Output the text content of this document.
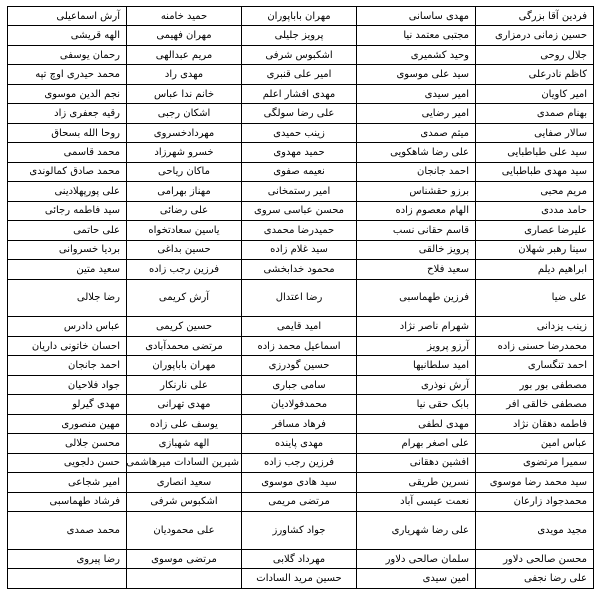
فردین آقا بزرگی	مهدی ساسانی	مهران باباپوران	حمید خامنه	آرش اسماعیلی
حسین زمانی درمزاری	مجتبی معتمد نیا	پرویز جلیلی	مهران فهیمی	الهه قریشی
جلال روحی	وحید کشمیری	اشکبوس شرفی	مریم عبدالهی	رحمان یوسفی
کاظم نادرعلی	سید علی موسوی	امیر علی قنبری	مهدی راد	محمد حیدری اوچ تپه
امیر کاویان	امیر سیدی	مهدی افشار اعلم	خانم ندا عباس	نجم الدین موسوی
بهنام صمدی	امیر رضایی	علی رضا سولگی	اشکان رجبی	رقیه جعفری زاد
سالار صفایی	میثم صمدی	زینب حمیدی	مهردادخسروی	روحا الله بسحاق
سید علی طباطبایی	علی رضا شاهکویی	حمید مهدوی	خسرو شهرزاد	محمد قاسمی
سید مهدی طباطبایی	احمد جانجان	نعیمه صفوی	ماکان ریاحی	محمد صادق کمالوندی
مریم محبی	برزو حقشناس	امیر رستمخانی	مهناز بهرامی	علی پورپهلادینی
حامد مددی	الهام معصوم زاده	محسن عباسی سروی	علی رضائی	سید فاطمه رجائی
علیرضا عصاری	قاسم حقانی نسب	حمیدرضا محمدی	یاسین سعادتخواه	علی حاتمی
سینا رهبر شهلان	پرویز خالقی	سید غلام زاده	حسین بداغی	بردیا خسروانی
ابراهیم دیلم	سعید فلاح	محمود خدابخشی	فرزین رجب زاده	سعید متین
علی ضیا	فرزین طهماسبی	رضا اعتدال	آرش کریمی	رضا جلالی
زینب یزدانی	شهرام ناصر نژاد	امید قایمی	حسین کریمی	عباس دادرس
محمدرضا حسنی زاده	آرزو پرویز	اسماعیل محمد زاده	مرتضی محمدآبادی	احسان خاتونی داریان
احمد تنگساری	امید سلطانیها	حسین گودرزی	مهران باباپوران	احمد جانجان
مصطفی بور بور	آرش نوذری	سامی جباری	علی نارنکار	جواد فلاحیان
مصطفی خالقی افر	بابک حقی نیا	محمدفولادیان	مهدی تهرانی	مهدی گیرلو
فاطمه دهقان نژاد	مهدی لطفی	فرهاد مسافر	یوسف علی زاده	مهین منصوری
عباس امین	علی اصغر بهرام	مهدی پاینده	الهه شهبازی	محسن جلالی
سمیرا مرتضوی	افشین دهقانی	فرزین رجب زاده	شیرین السادات میرهاشمی	حسن دلجویی
سید محمد رضا موسوی	نسرین طریقی	سید هادی موسوی	سعید انصاری	امیر شجاعی
محمدجواد زارعان	نعمت عیسی آباد	مرتضی مریمی	اشکبوس شرفی	فرشاد طهماسبی
مجید مویدی	علی رضا شهریاری	جواد کشاورز	علی محمودیان	محمد صمدی
محسن صالحی دلاور	سلمان صالحی دلاور	مهرداد گلابی	مرتضی موسوی	رضا پیروی
علی رضا نجفی	امین سیدی	حسین مرید السادات		
